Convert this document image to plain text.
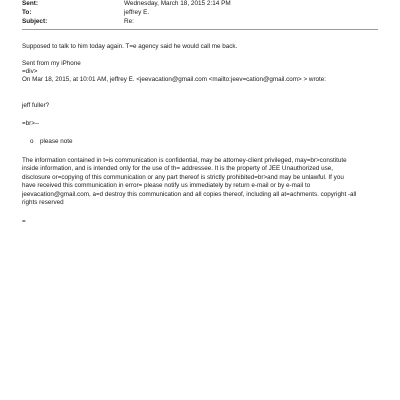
Sent:	Wednesday, March 18, 2015 2:14 PM
To:	jeffrey E.
Subject:	Re:
Supposed to talk to him today again. T=e agency said he would call me back.
Sent from my iPhone
=div>
On Mar 18, 2015, at 10:01 AM, jeffrey E. <jeevacation@gmail.com <mailto:jeev=cation@gmail.com> > wrote:
jeff fuller?
=br>--
o please note
The information contained in t=is communication is confidential, may be attorney-client privileged, may=br>constitute
inside information, and is intended only for the use of th= addressee. It is the property of JEE Unauthorized use,
disclosure or=copying of this communication or any part thereof is strictly prohibited=br>and may be unlawful. If you
have received this communication in error= please notify us immediately by return e-mail or by e-mail to
jeevacation@gmail.com, a=d destroy this communication and all copies thereof, including all at=achments. copyright -all
rights reserved
=
